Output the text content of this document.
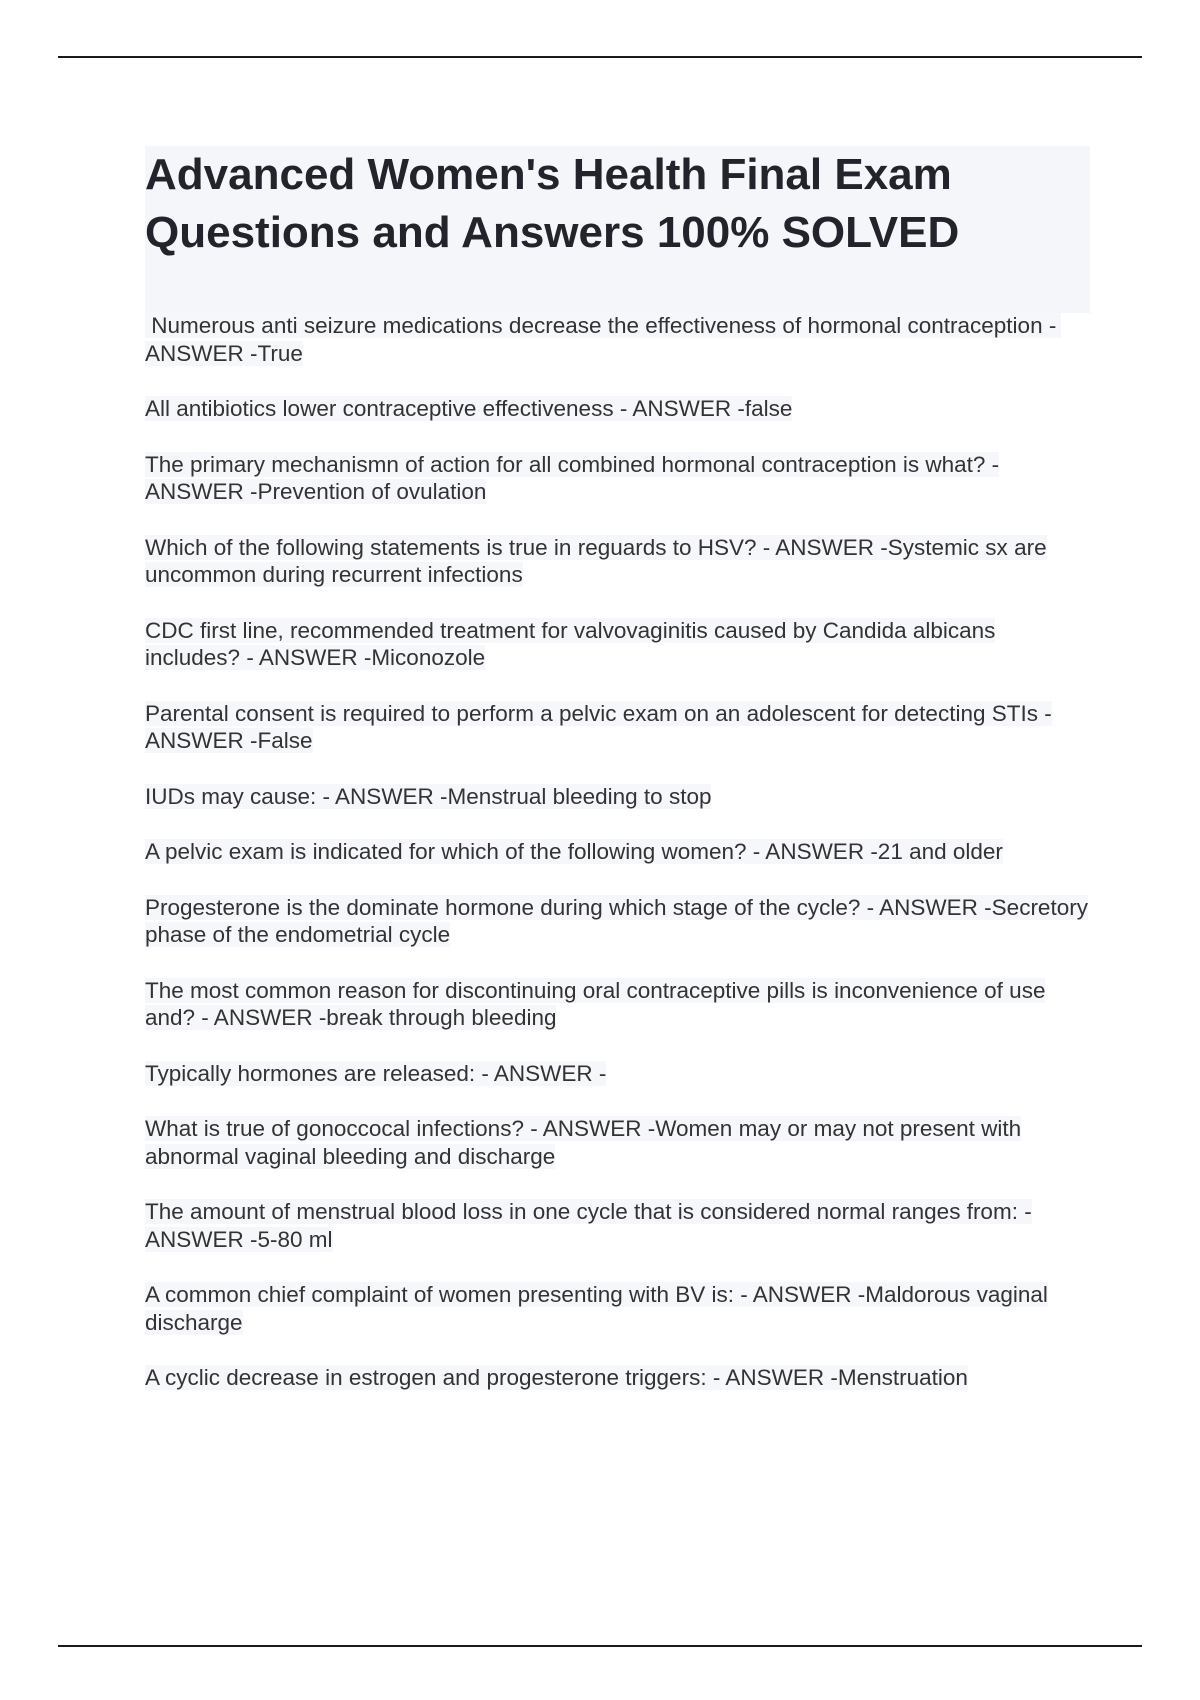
Advanced Women's Health Final Exam
Questions and Answers 100% SOLVED
Numerous anti seizure medications decrease the effectiveness of hormonal contraception - ANSWER -True
All antibiotics lower contraceptive effectiveness - ANSWER -false
The primary mechanismn of action for all combined hormonal contraception is what? - ANSWER -Prevention of ovulation
Which of the following statements is true in reguards to HSV? - ANSWER -Systemic sx are uncommon during recurrent infections
CDC first line, recommended treatment for valvovaginitis caused by Candida albicans includes? - ANSWER -Miconozole
Parental consent is required to perform a pelvic exam on an adolescent for detecting STIs - ANSWER -False
IUDs may cause: - ANSWER -Menstrual bleeding to stop
A pelvic exam is indicated for which of the following women? - ANSWER -21 and older
Progesterone is the dominate hormone during which stage of the cycle? - ANSWER -Secretory phase of the endometrial cycle
The most common reason for discontinuing oral contraceptive pills is inconvenience of use and? - ANSWER -break through bleeding
Typically hormones are released: - ANSWER -
What is true of gonoccocal infections? - ANSWER -Women may or may not present with abnormal vaginal bleeding and discharge
The amount of menstrual blood loss in one cycle that is considered normal ranges from: - ANSWER -5-80 ml
A common chief complaint of women presenting with BV is: - ANSWER -Maldorous vaginal discharge
A cyclic decrease in estrogen and progesterone triggers: - ANSWER -Menstruation
